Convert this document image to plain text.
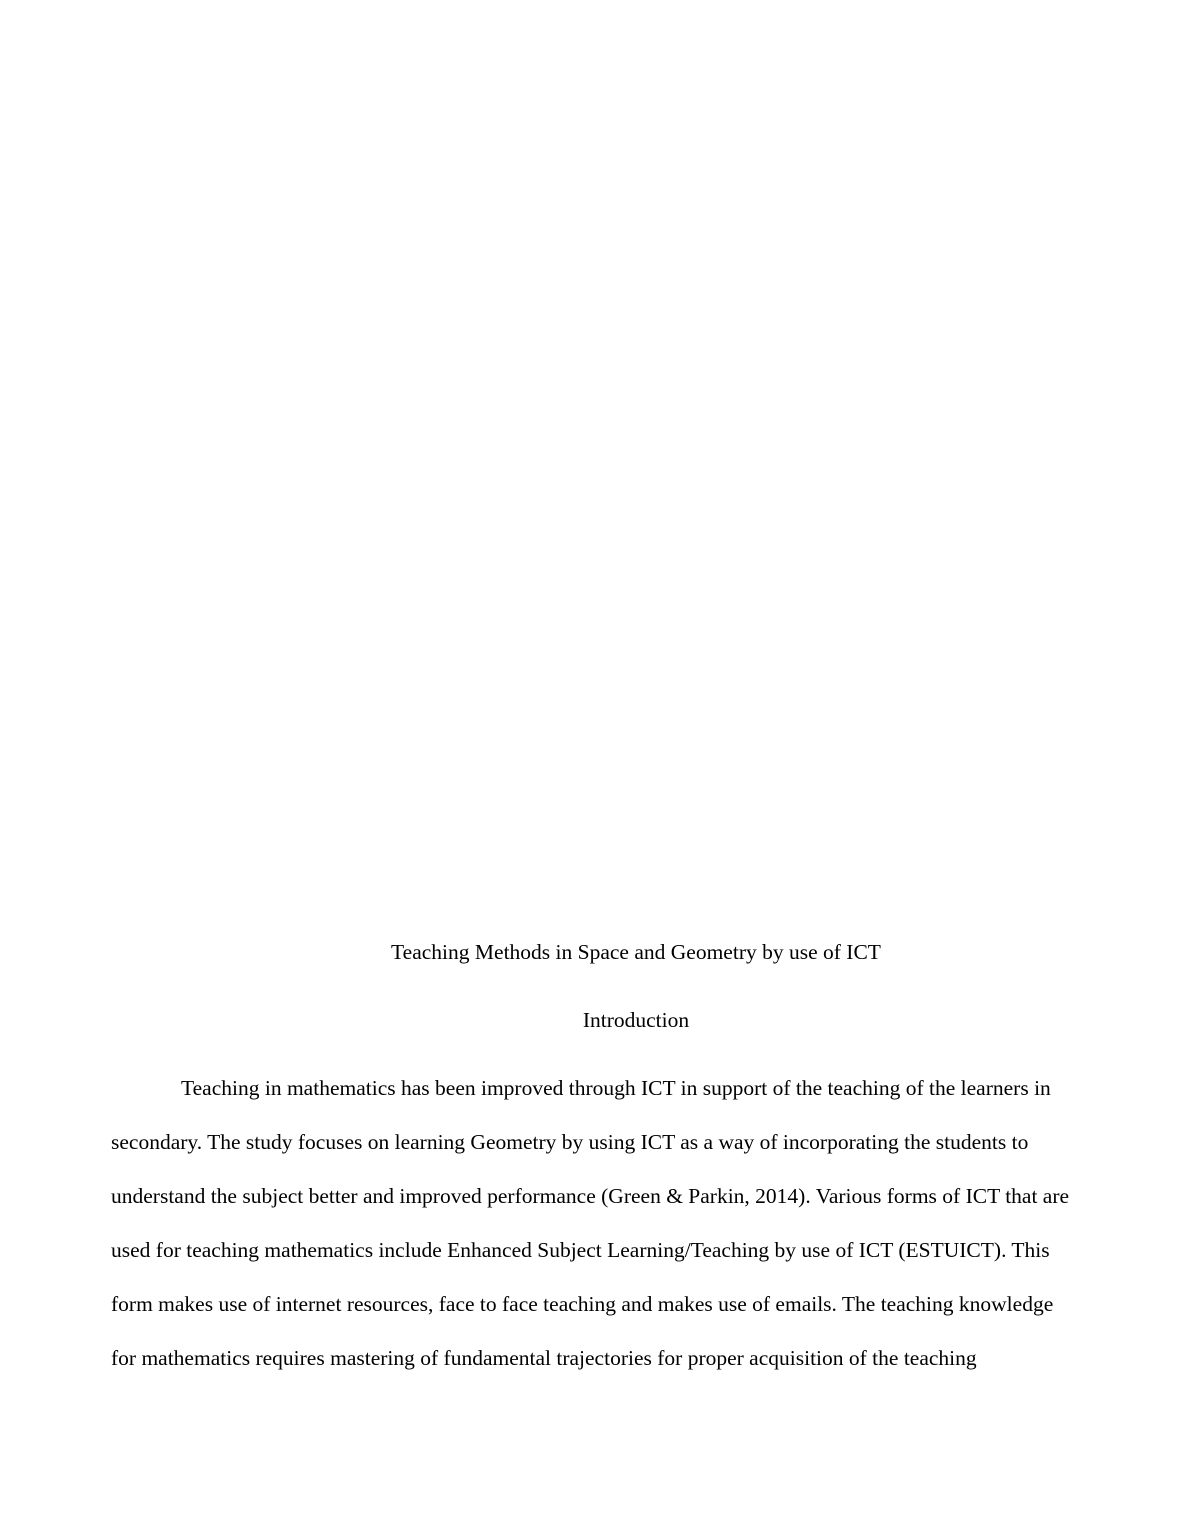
Teaching Methods in Space and Geometry by use of ICT
Introduction
Teaching in mathematics has been improved through ICT in support of the teaching of the learners in
secondary. The study focuses on learning Geometry by using ICT as a way of incorporating the students to
understand the subject better and improved performance (Green & Parkin, 2014). Various forms of ICT that are
used for teaching mathematics include Enhanced Subject Learning/Teaching by use of ICT (ESTUICT). This
form makes use of internet resources, face to face teaching and makes use of emails. The teaching knowledge
for mathematics requires mastering of fundamental trajectories for proper acquisition of the teaching
